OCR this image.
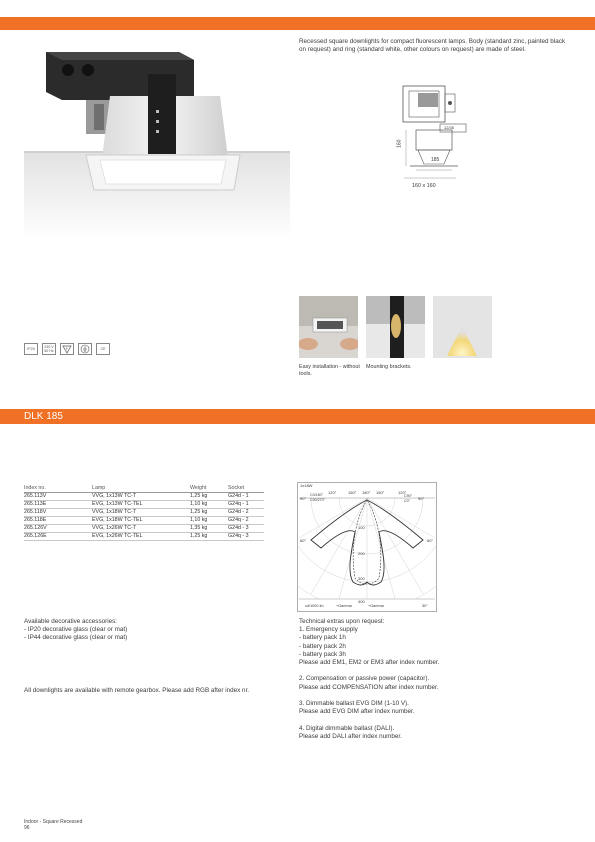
Recessed square downlights for compact fluorescent lamps. Body (standard zinc, painted black on request) and ring (standard white, other colours on request) are made of steel.
12/35
160
185
160 x 160
IP20	230 V 50 Hz
F	CE
Easy installation - without tools.
Mounting brackets.
DLK 185
Index no.	Lamp	Weight	Socket
265.113V	VVG, 1x13W TC-T	1,25 kg	G24d - 1
265.113E	EVG, 1x13W TC-TEL	1,10 kg	G24q - 1
265.118V	VVG, 1x18W TC-T	1,25 kg	G24d - 2
265.118E	EVG, 1x18W TC-TEL	1,10 kg	G24q - 2
265.126V	VVG, 1x26W TC-T	1,35 kg	G24d - 3
265.126E	EVG, 1x26W TC-TEL	1,25 kg	G24q - 3
1x18W
120°	150° 180° 150°	120°
90°
C0/180°
C90/270°
C90°
C0° 90°
60°	60°
100
200
300
400
cd/1000 lm	+Gamma	+Gamma	30°
Available decorative accessories:
- IP20 decorative glass (clear or mat)
- IP44 decorative glass (clear or mat)
All downlights are available with remote gearbox. Please add RGB after index nr.
Technical extras upon request:
1. Emergency supply
- battery pack 1h
- battery pack 2h
- battery pack 3h
Please add EM1, EM2 or EM3 after index number.
2. Compensation or passive power (capacitor).
Please add COMPENSATION after index number.
3. Dimmable ballast EVG DIM (1-10 V).
Please add EVG DIM after index number.
4. Digital dimmable ballast (DALI).
Please add DALI after index number.
Indoor - Square Recessed
96
